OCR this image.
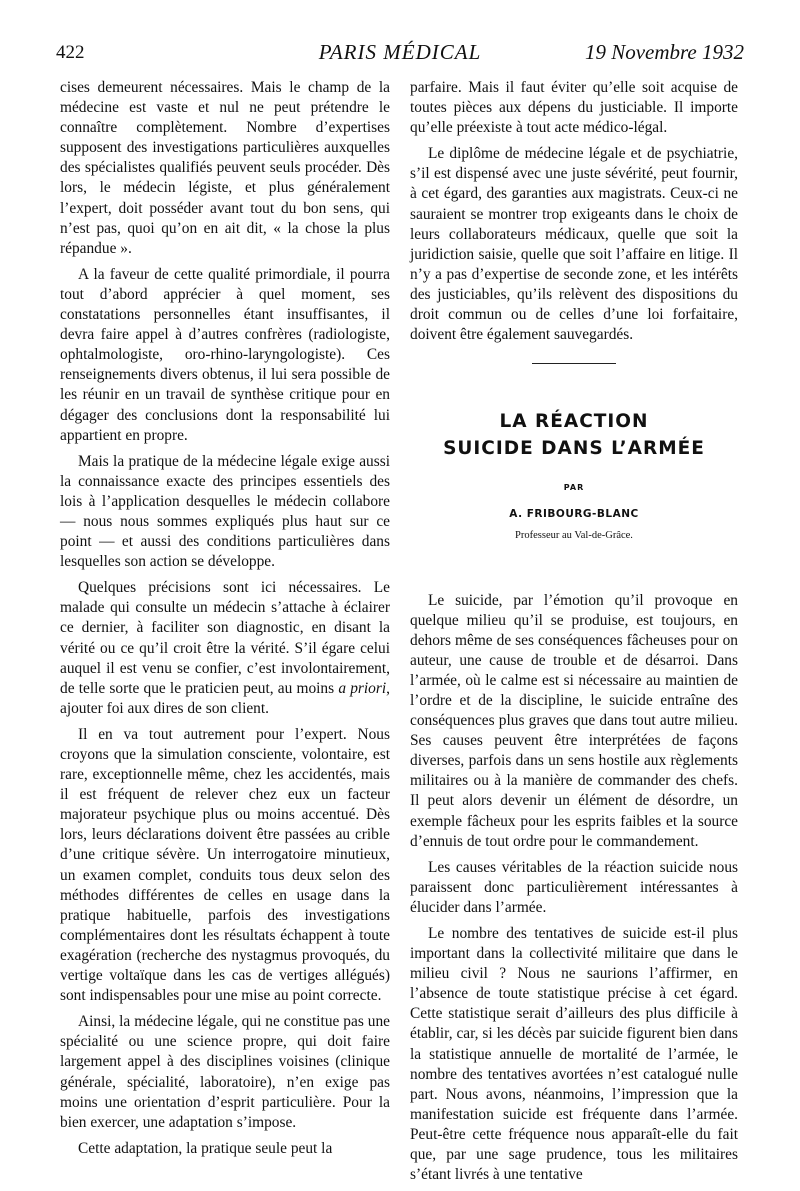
422	PARIS MÉDICAL	19 Novembre 1932

cises demeurent nécessaires. Mais le champ de la médecine est vaste et nul ne peut prétendre le connaître complètement. Nombre d’expertises supposent des investigations particulières auxquelles des spécialistes qualifiés peuvent seuls procéder. Dès lors, le médecin légiste, et plus généralement l’expert, doit posséder avant tout du bon sens, qui n’est pas, quoi qu’on en ait dit, « la chose la plus répandue ».

A la faveur de cette qualité primordiale, il pourra tout d’abord apprécier à quel moment, ses constatations personnelles étant insuffisantes, il devra faire appel à d’autres confrères (radiologiste, ophtalmologiste, oro-rhino-laryngologiste). Ces renseignements divers obtenus, il lui sera possible de les réunir en un travail de synthèse critique pour en dégager des conclusions dont la responsabilité lui appartient en propre.

Mais la pratique de la médecine légale exige aussi la connaissance exacte des principes essentiels des lois à l’application desquelles le médecin collabore — nous nous sommes expliqués plus haut sur ce point — et aussi des conditions particulières dans lesquelles son action se développe.

Quelques précisions sont ici nécessaires. Le malade qui consulte un médecin s’attache à éclairer ce dernier, à faciliter son diagnostic, en disant la vérité ou ce qu’il croit être la vérité. S’il égare celui auquel il est venu se confier, c’est involontairement, de telle sorte que le praticien peut, au moins a priori, ajouter foi aux dires de son client.

Il en va tout autrement pour l’expert. Nous croyons que la simulation consciente, volontaire, est rare, exceptionnelle même, chez les accidentés, mais il est fréquent de relever chez eux un facteur majorateur psychique plus ou moins accentué. Dès lors, leurs déclarations doivent être passées au crible d’une critique sévère. Un interrogatoire minutieux, un examen complet, conduits tous deux selon des méthodes différentes de celles en usage dans la pratique habituelle, parfois des investigations complémentaires dont les résultats échappent à toute exagération (recherche des nystagmus provoqués, du vertige voltaïque dans les cas de vertiges allégués) sont indispensables pour une mise au point correcte.

Ainsi, la médecine légale, qui ne constitue pas une spécialité ou une science propre, qui doit faire largement appel à des disciplines voisines (clinique générale, spécialité, laboratoire), n’en exige pas moins une orientation d’esprit particulière. Pour la bien exercer, une adaptation s’impose.

Cette adaptation, la pratique seule peut la

parfaire. Mais il faut éviter qu’elle soit acquise de toutes pièces aux dépens du justiciable. Il importe qu’elle préexiste à tout acte médico-légal.

Le diplôme de médecine légale et de psychiatrie, s’il est dispensé avec une juste sévérité, peut fournir, à cet égard, des garanties aux magistrats. Ceux-ci ne sauraient se montrer trop exigeants dans le choix de leurs collaborateurs médicaux, quelle que soit la juridiction saisie, quelle que soit l’affaire en litige. Il n’y a pas d’expertise de seconde zone, et les intérêts des justiciables, qu’ils relèvent des dispositions du droit commun ou de celles d’une loi forfaitaire, doivent être également sauvegardés.

LA RÉACTION
SUICIDE DANS L’ARMÉE
PAR
A. FRIBOURG-BLANC
Professeur au Val-de-Grâce.

Le suicide, par l’émotion qu’il provoque en quelque milieu qu’il se produise, est toujours, en dehors même de ses conséquences fâcheuses pour on auteur, une cause de trouble et de désarroi. Dans l’armée, où le calme est si nécessaire au maintien de l’ordre et de la discipline, le suicide entraîne des conséquences plus graves que dans tout autre milieu. Ses causes peuvent être interprétées de façons diverses, parfois dans un sens hostile aux règlements militaires ou à la manière de commander des chefs. Il peut alors devenir un élément de désordre, un exemple fâcheux pour les esprits faibles et la source d’ennuis de tout ordre pour le commandement.

Les causes véritables de la réaction suicide nous paraissent donc particulièrement intéressantes à élucider dans l’armée.

Le nombre des tentatives de suicide est-il plus important dans la collectivité militaire que dans le milieu civil ? Nous ne saurions l’affirmer, en l’absence de toute statistique précise à cet égard. Cette statistique serait d’ailleurs des plus difficile à établir, car, si les décès par suicide figurent bien dans la statistique annuelle de mortalité de l’armée, le nombre des tentatives avortées n’est catalogué nulle part. Nous avons, néanmoins, l’impression que la manifestation suicide est fréquente dans l’armée. Peut-être cette fréquence nous apparaît-elle du fait que, par une sage prudence, tous les militaires s’étant livrés à une tentative
